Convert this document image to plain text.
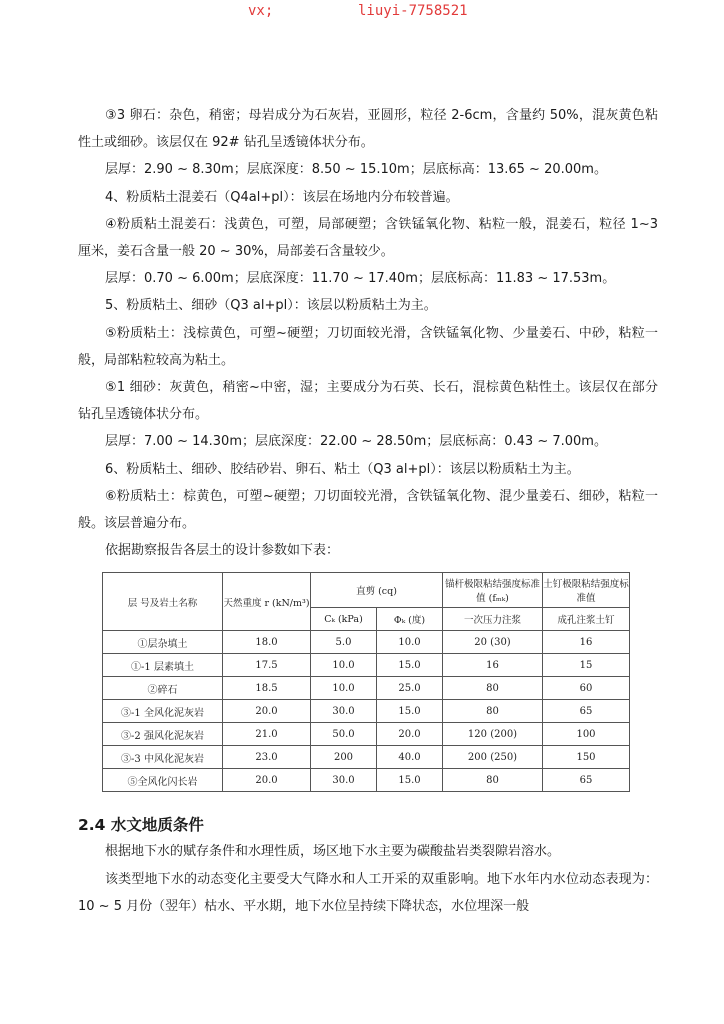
vx;	liuyi-7758521

③3 卵石：杂色，稍密；母岩成分为石灰岩，亚圆形，粒径 2-6cm，含量约 50%，混灰黄色粘性土或细砂。该层仅在 92# 钻孔呈透镜体状分布。

层厚：2.90 ~ 8.30m；层底深度：8.50 ~ 15.10m；层底标高：13.65 ~ 20.00m。

4、粉质粘土混姜石（Q4al+pl）：该层在场地内分布较普遍。

④粉质粘土混姜石：浅黄色，可塑，局部硬塑；含铁锰氧化物、粘粒一般，混姜石，粒径 1~3 厘米，姜石含量一般 20 ~ 30%，局部姜石含量较少。

层厚：0.70 ~ 6.00m；层底深度：11.70 ~ 17.40m；层底标高：11.83 ~ 17.53m。

5、粉质粘土、细砂（Q3 al+pl）：该层以粉质粘土为主。

⑤粉质粘土：浅棕黄色，可塑~硬塑；刀切面较光滑，含铁锰氧化物、少量姜石、中砂，粘粒一般，局部粘粒较高为粘土。

⑤1 细砂：灰黄色，稍密~中密，湿；主要成分为石英、长石，混棕黄色粘性土。该层仅在部分钻孔呈透镜体状分布。

层厚：7.00 ~ 14.30m；层底深度：22.00 ~ 28.50m；层底标高：0.43 ~ 7.00m。

6、粉质粘土、细砂、胶结砂岩、卵石、粘土（Q3 al+pl）：该层以粉质粘土为主。

⑥粉质粘土：棕黄色，可塑~硬塑；刀切面较光滑，含铁锰氧化物、混少量姜石、细砂，粘粒一般。该层普遍分布。

依据勘察报告各层土的设计参数如下表：

层 号及岩土名称	天然重度 r (kN/m³)	直剪 (cq)		锚杆极限粘结强度标准值 (fₘₖ)	土钉极限粘结强度标准值
		Cₖ (kPa)	Φₖ (度)	一次压力注浆	成孔注浆土钉
①层杂填土	18.0	5.0	10.0	20 (30)	16
①-1 层素填土	17.5	10.0	15.0	16	15
②碎石	18.5	10.0	25.0	80	60
③-1 全风化泥灰岩	20.0	30.0	15.0	80	65
③-2 强风化泥灰岩	21.0	50.0	20.0	120 (200)	100
③-3 中风化泥灰岩	23.0	200	40.0	200 (250)	150
⑤全风化闪长岩	20.0	30.0	15.0	80	65
2.4 水文地质条件

根据地下水的赋存条件和水理性质，场区地下水主要为碳酸盐岩类裂隙岩溶水。

该类型地下水的动态变化主要受大气降水和人工开采的双重影响。地下水年内水位动态表现为：10 ~ 5 月份（翌年）枯水、平水期，地下水位呈持续下降状态，水位埋深一般
